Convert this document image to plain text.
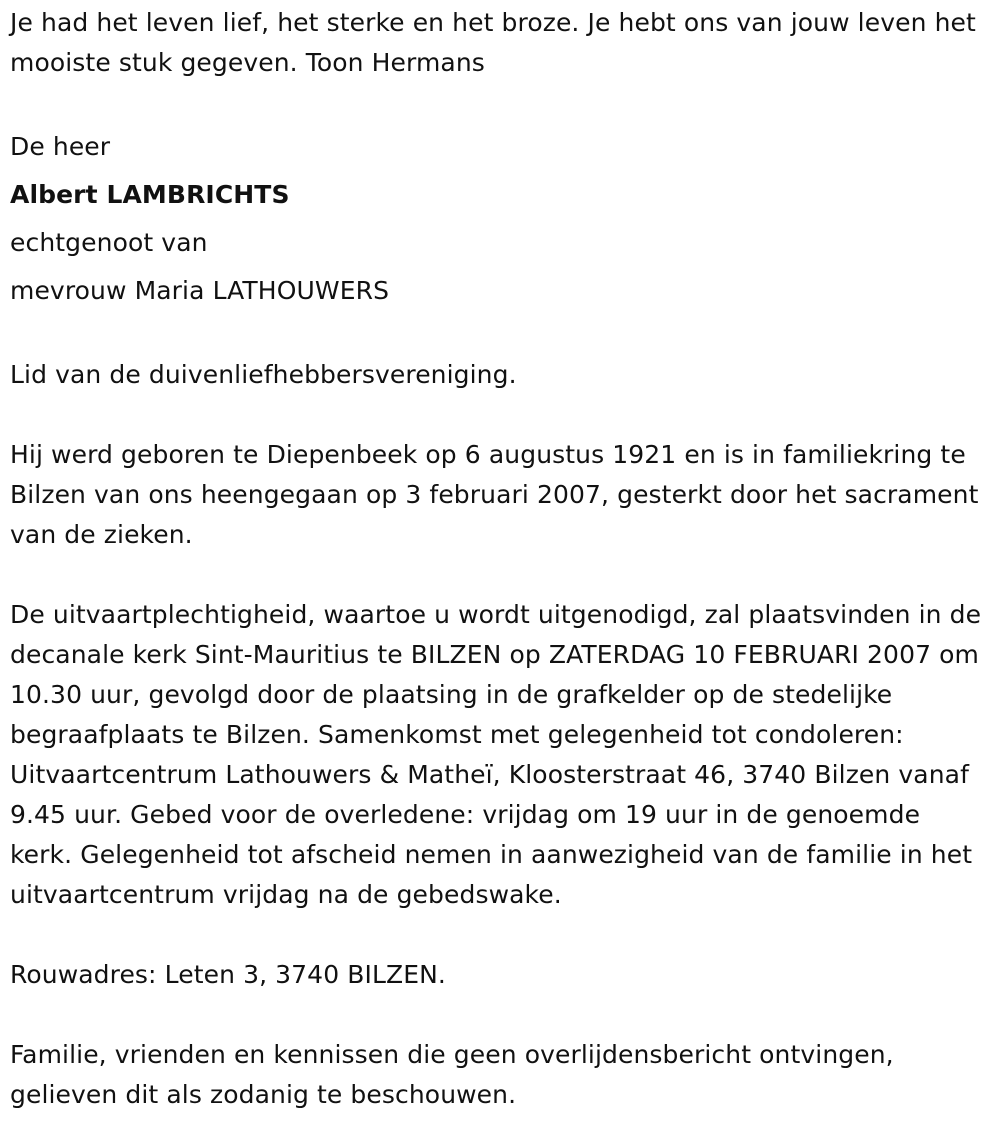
Je had het leven lief, het sterke en het broze. Je hebt ons van jouw leven het mooiste stuk gegeven. Toon Hermans

De heer

Albert LAMBRICHTS

echtgenoot van

mevrouw Maria LATHOUWERS

Lid van de duivenliefhebbersvereniging.

Hij werd geboren te Diepenbeek op 6 augustus 1921 en is in familiekring te Bilzen van ons heengegaan op 3 februari 2007, gesterkt door het sacrament van de zieken.

De uitvaartplechtigheid, waartoe u wordt uitgenodigd, zal plaatsvinden in de decanale kerk Sint-Mauritius te BILZEN op ZATERDAG 10 FEBRUARI 2007 om 10.30 uur, gevolgd door de plaatsing in de grafkelder op de stedelijke begraafplaats te Bilzen. Samenkomst met gelegenheid tot condoleren: Uitvaartcentrum Lathouwers & Matheï, Kloosterstraat 46, 3740 Bilzen vanaf 9.45 uur. Gebed voor de overledene: vrijdag om 19 uur in de genoemde kerk. Gelegenheid tot afscheid nemen in aanwezigheid van de familie in het uitvaartcentrum vrijdag na de gebedswake.

Rouwadres: Leten 3, 3740 BILZEN.

Familie, vrienden en kennissen die geen overlijdensbericht ontvingen, gelieven dit als zodanig te beschouwen.
